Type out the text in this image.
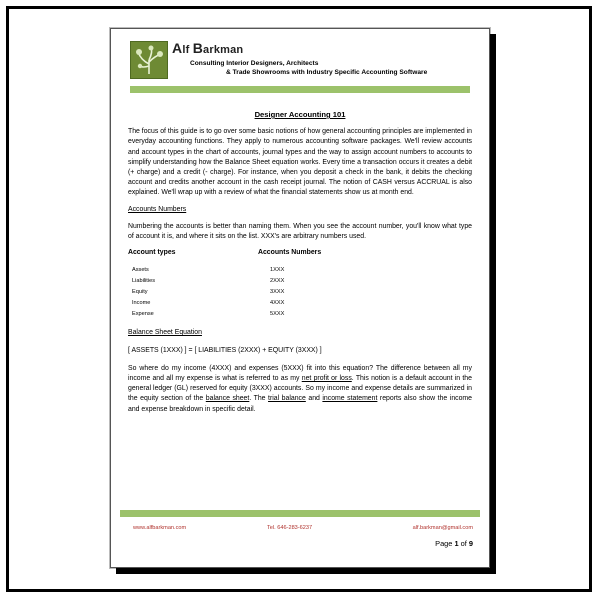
Alf Barkman
Consulting Interior Designers, Architects
& Trade Showrooms with Industry Specific Accounting Software
Designer Accounting 101

The focus of this guide is to go over some basic notions of how general accounting principles are implemented in everyday accounting functions. They apply to numerous accounting software packages. We'll review accounts and account types in the chart of accounts, journal types and the way to assign account numbers to accounts to simplify understanding how the Balance Sheet equation works. Every time a transaction occurs it creates a debit (+ charge) and a credit (- charge). For instance, when you deposit a check in the bank, it debits the checking account and credits another account in the cash receipt journal. The notion of CASH versus ACCRUAL is also explained. We'll wrap up with a review of what the financial statements show us at month end.

Accounts Numbers

Numbering the accounts is better than naming them. When you see the account number, you'll know what type of account it is, and where it sits on the list. XXX's are arbitrary numbers used.

Account types	Accounts Numbers
Assets	1XXX
Liabilities	2XXX
Equity	3XXX
Income	4XXX
Expense	5XXX
Balance Sheet Equation
[ ASSETS (1XXX) ] = [ LIABILITIES (2XXX) + EQUITY (3XXX) ]

So where do my income (4XXX) and expenses (5XXX) fit into this equation? The difference between all my income and all my expense is what is referred to as my net profit or loss. This notion is a default account in the general ledger (GL) reserved for equity (3XXX) accounts. So my income and expense details are summarized in the equity section of the balance sheet. The trial balance and income statement reports also show the income and expense breakdown in specific detail.

www.alfbarkman.com	Tel. 646-283-6237	alf.barkman@gmail.com
Page 1 of 9
